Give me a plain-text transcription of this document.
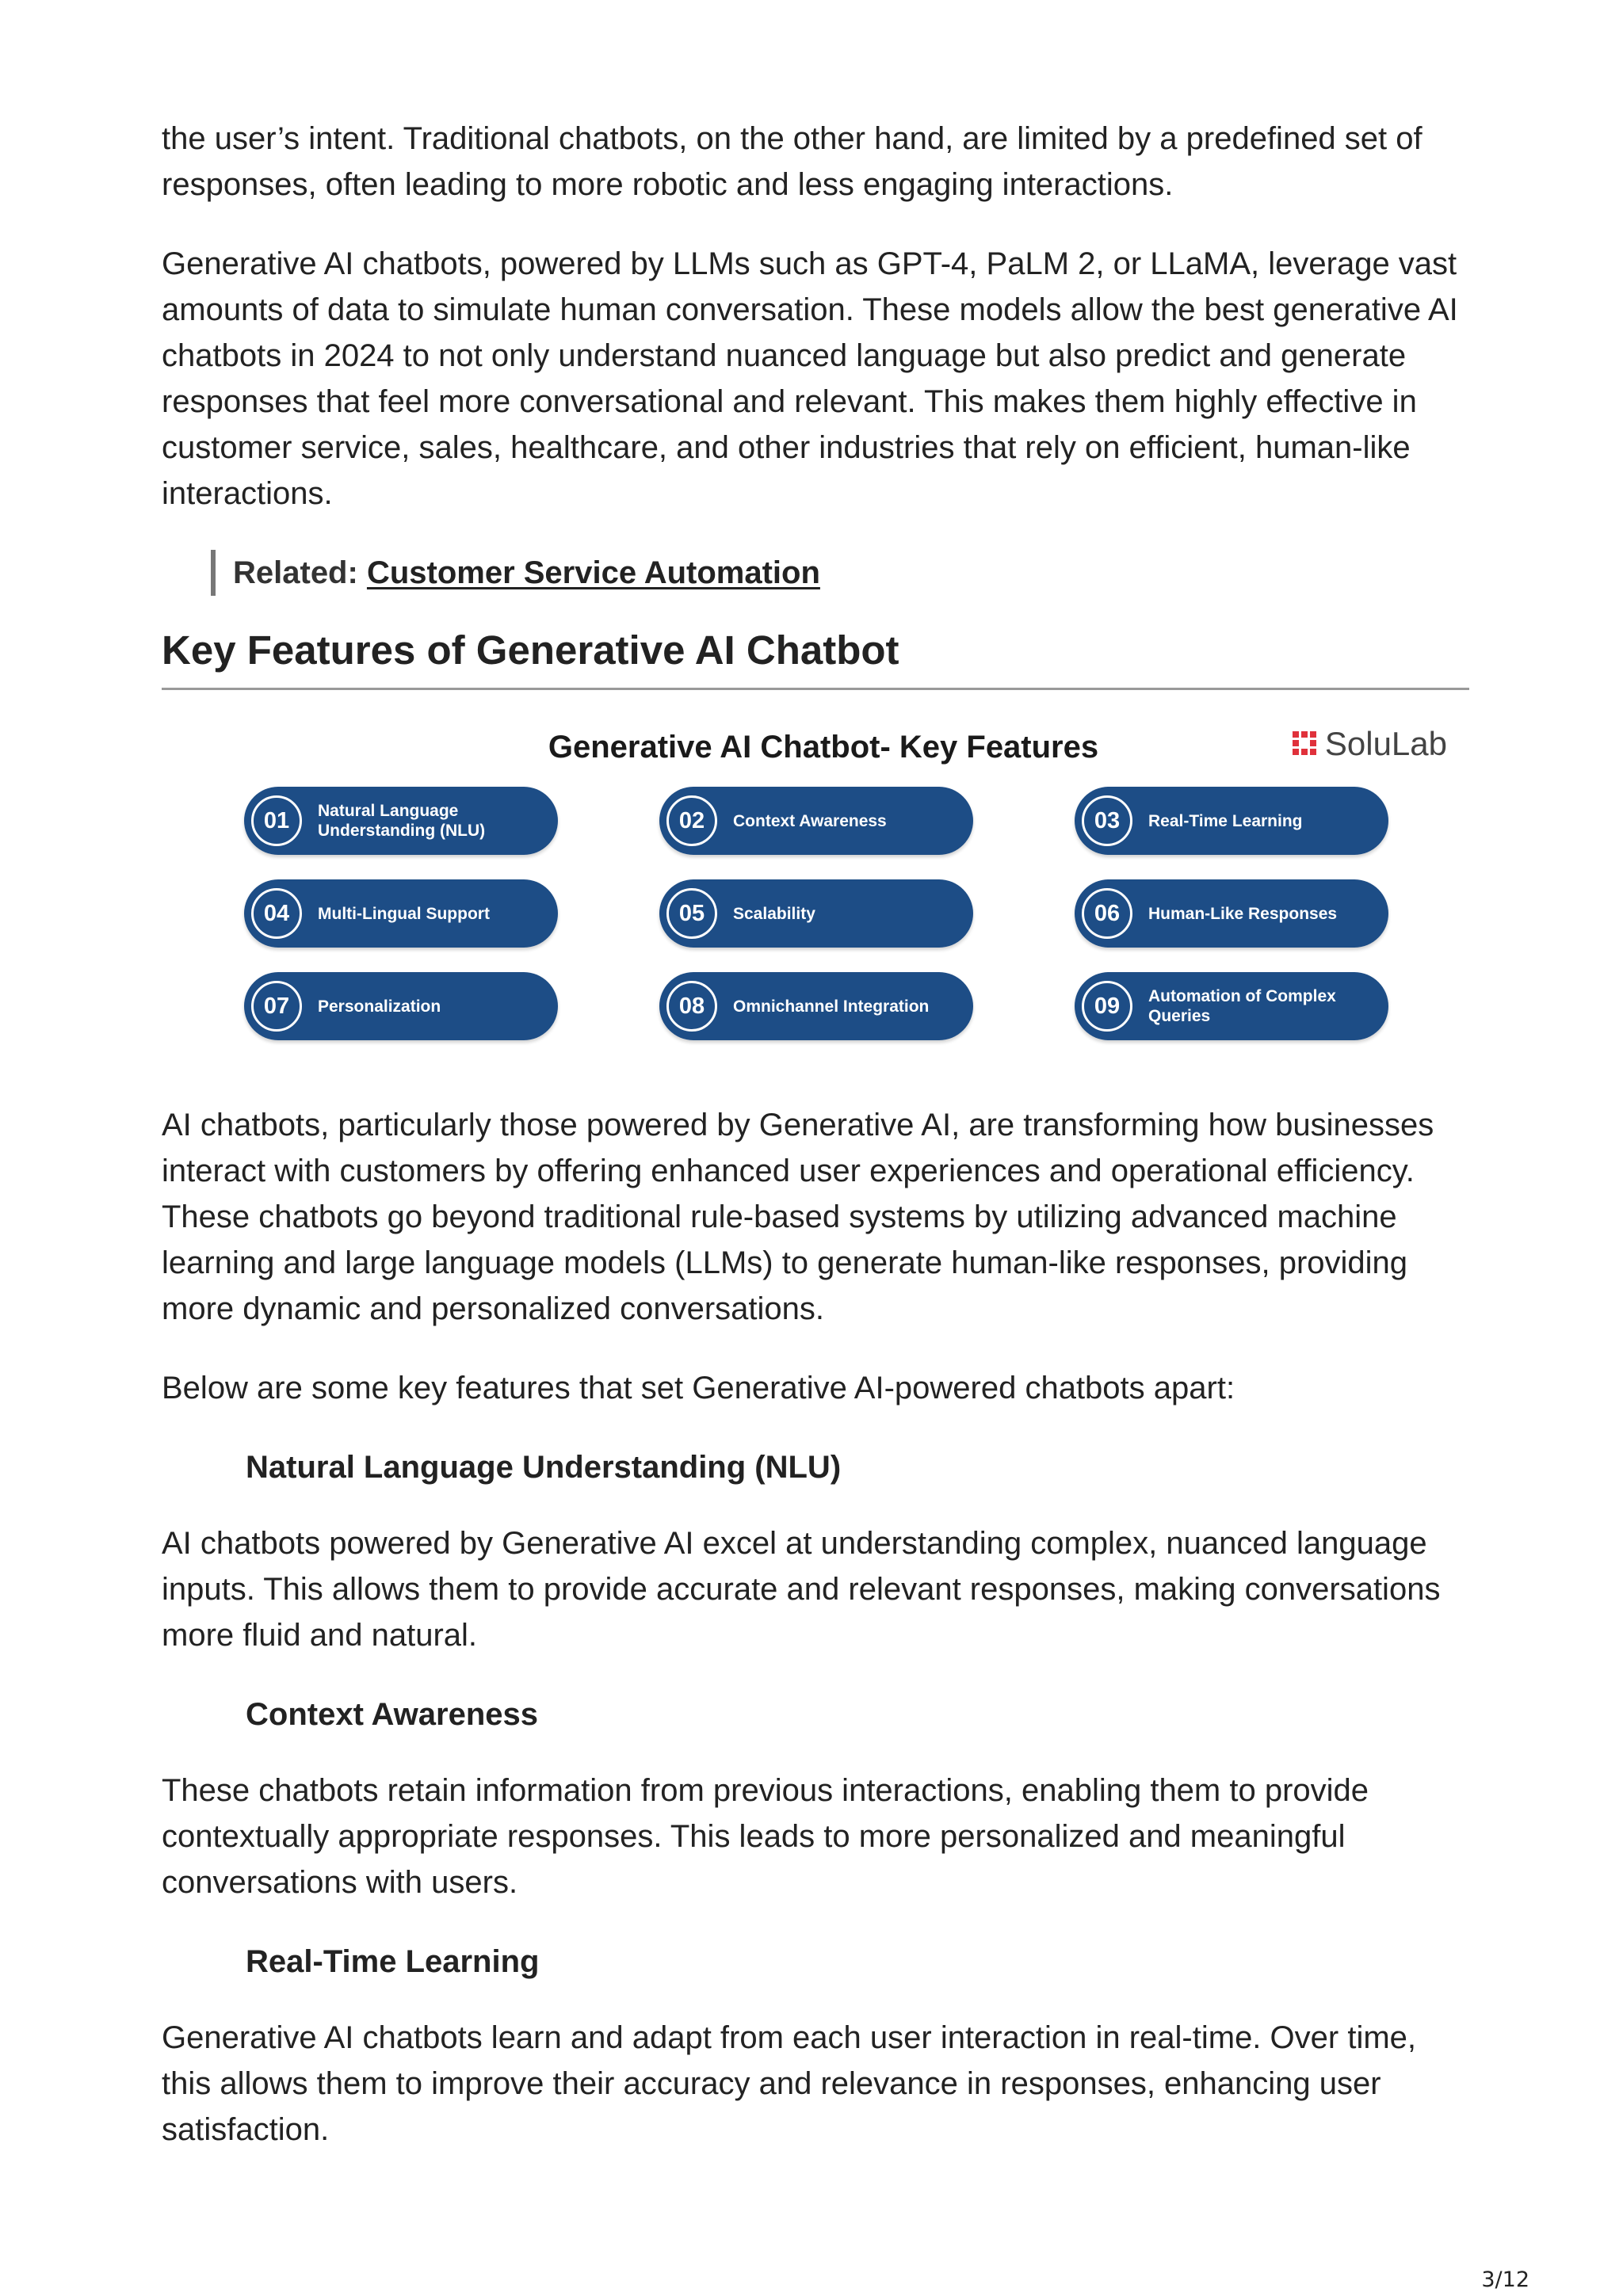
the user’s intent. Traditional chatbots, on the other hand, are limited by a predefined set of responses, often leading to more robotic and less engaging interactions.

Generative AI chatbots, powered by LLMs such as GPT-4, PaLM 2, or LLaMA, leverage vast amounts of data to simulate human conversation. These models allow the best generative AI chatbots in 2024 to not only understand nuanced language but also predict and generate responses that feel more conversational and relevant. This makes them highly effective in customer service, sales, healthcare, and other industries that rely on efficient, human-like interactions.

Related: Customer Service Automation
Key Features of Generative AI Chatbot
Generative AI Chatbot- Key Features	SoluLab
01	Natural Language Understanding (NLU)	02	Context Awareness	03	Real-Time Learning
04	Multi-Lingual Support	05	Scalability	06	Human-Like Responses
07	Personalization	08	Omnichannel Integration	09	Automation of Complex Queries

AI chatbots, particularly those powered by Generative AI, are transforming how businesses interact with customers by offering enhanced user experiences and operational efficiency. These chatbots go beyond traditional rule-based systems by utilizing advanced machine learning and large language models (LLMs) to generate human-like responses, providing more dynamic and personalized conversations.

Below are some key features that set Generative AI-powered chatbots apart:

Natural Language Understanding (NLU)

AI chatbots powered by Generative AI excel at understanding complex, nuanced language inputs. This allows them to provide accurate and relevant responses, making conversations more fluid and natural.

Context Awareness

These chatbots retain information from previous interactions, enabling them to provide contextually appropriate responses. This leads to more personalized and meaningful conversations with users.

Real-Time Learning

Generative AI chatbots learn and adapt from each user interaction in real-time. Over time, this allows them to improve their accuracy and relevance in responses, enhancing user satisfaction.

3/12
